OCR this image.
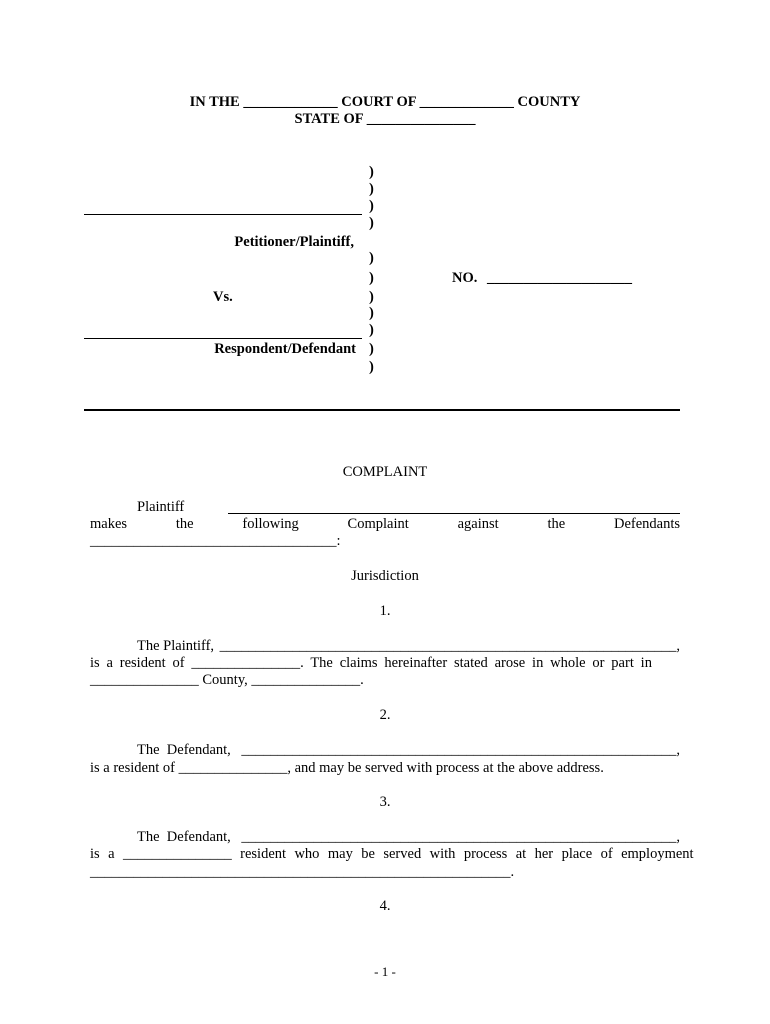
IN THE _____________ COURT OF _____________ COUNTY
STATE OF _______________
)
)
)
)
)
)
)
)
)
)
)
Petitioner/Plaintiff,
Vs.
Respondent/Defendant
NO. ____________________
COMPLAINT
Plaintiff
makes	the	following	Complaint	against	the	Defendants
__________________________________:
Jurisdiction
1.
The Plaintiff, _______________________________________________________________,
is a resident of _______________. The claims hereinafter stated arose in whole or part in
_______________ County, _______________.
2.
The  Defendant, ____________________________________________________________,
is a resident of _______________, and may be served with process at the above address.
3.
The  Defendant, ____________________________________________________________,
is a _______________ resident who may be served with process at her place of employment
__________________________________________________________.
4.
- 1 -
